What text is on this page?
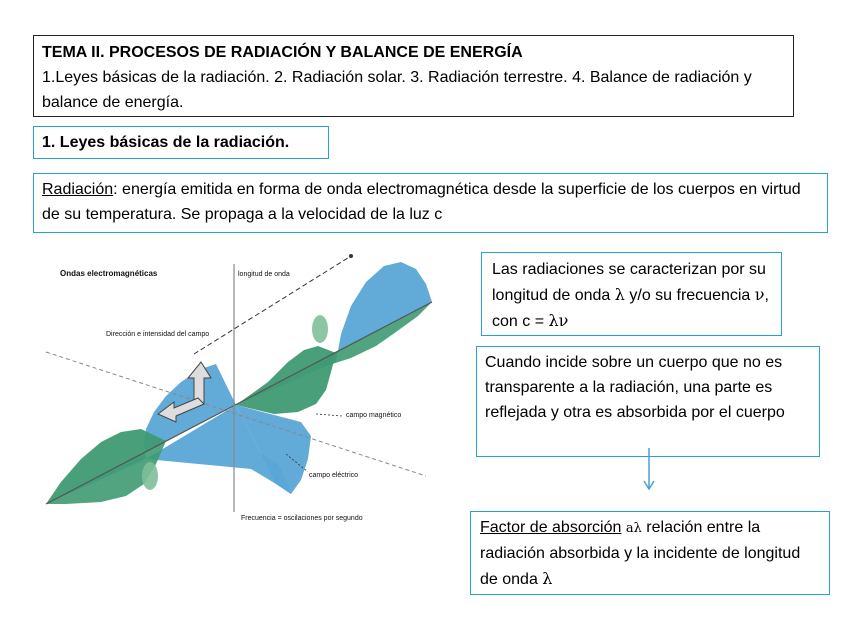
TEMA II. PROCESOS DE RADIACIÓN Y BALANCE DE ENERGÍA
1.Leyes básicas de la radiación. 2. Radiación solar. 3. Radiación terrestre. 4. Balance de radiación y balance de energía.
1. Leyes básicas de la radiación.
Radiación: energía emitida en forma de onda electromagnética desde la superficie de los cuerpos en virtud de su temperatura. Se propaga a la velocidad de la luz c
Ondas electromagnéticas	longitud de onda
Dirección e intensidad del campo
campo magnético
campo eléctrico
Frecuencia = oscilaciones por segundo
Las radiaciones se caracterizan por su longitud de onda λ y/o su frecuencia ν, con c = λν
Cuando incide sobre un cuerpo que no es transparente a la radiación, una parte es reflejada y otra es absorbida por el cuerpo
Factor de absorción aλ relación entre la radiación absorbida y la incidente de longitud de onda λ
